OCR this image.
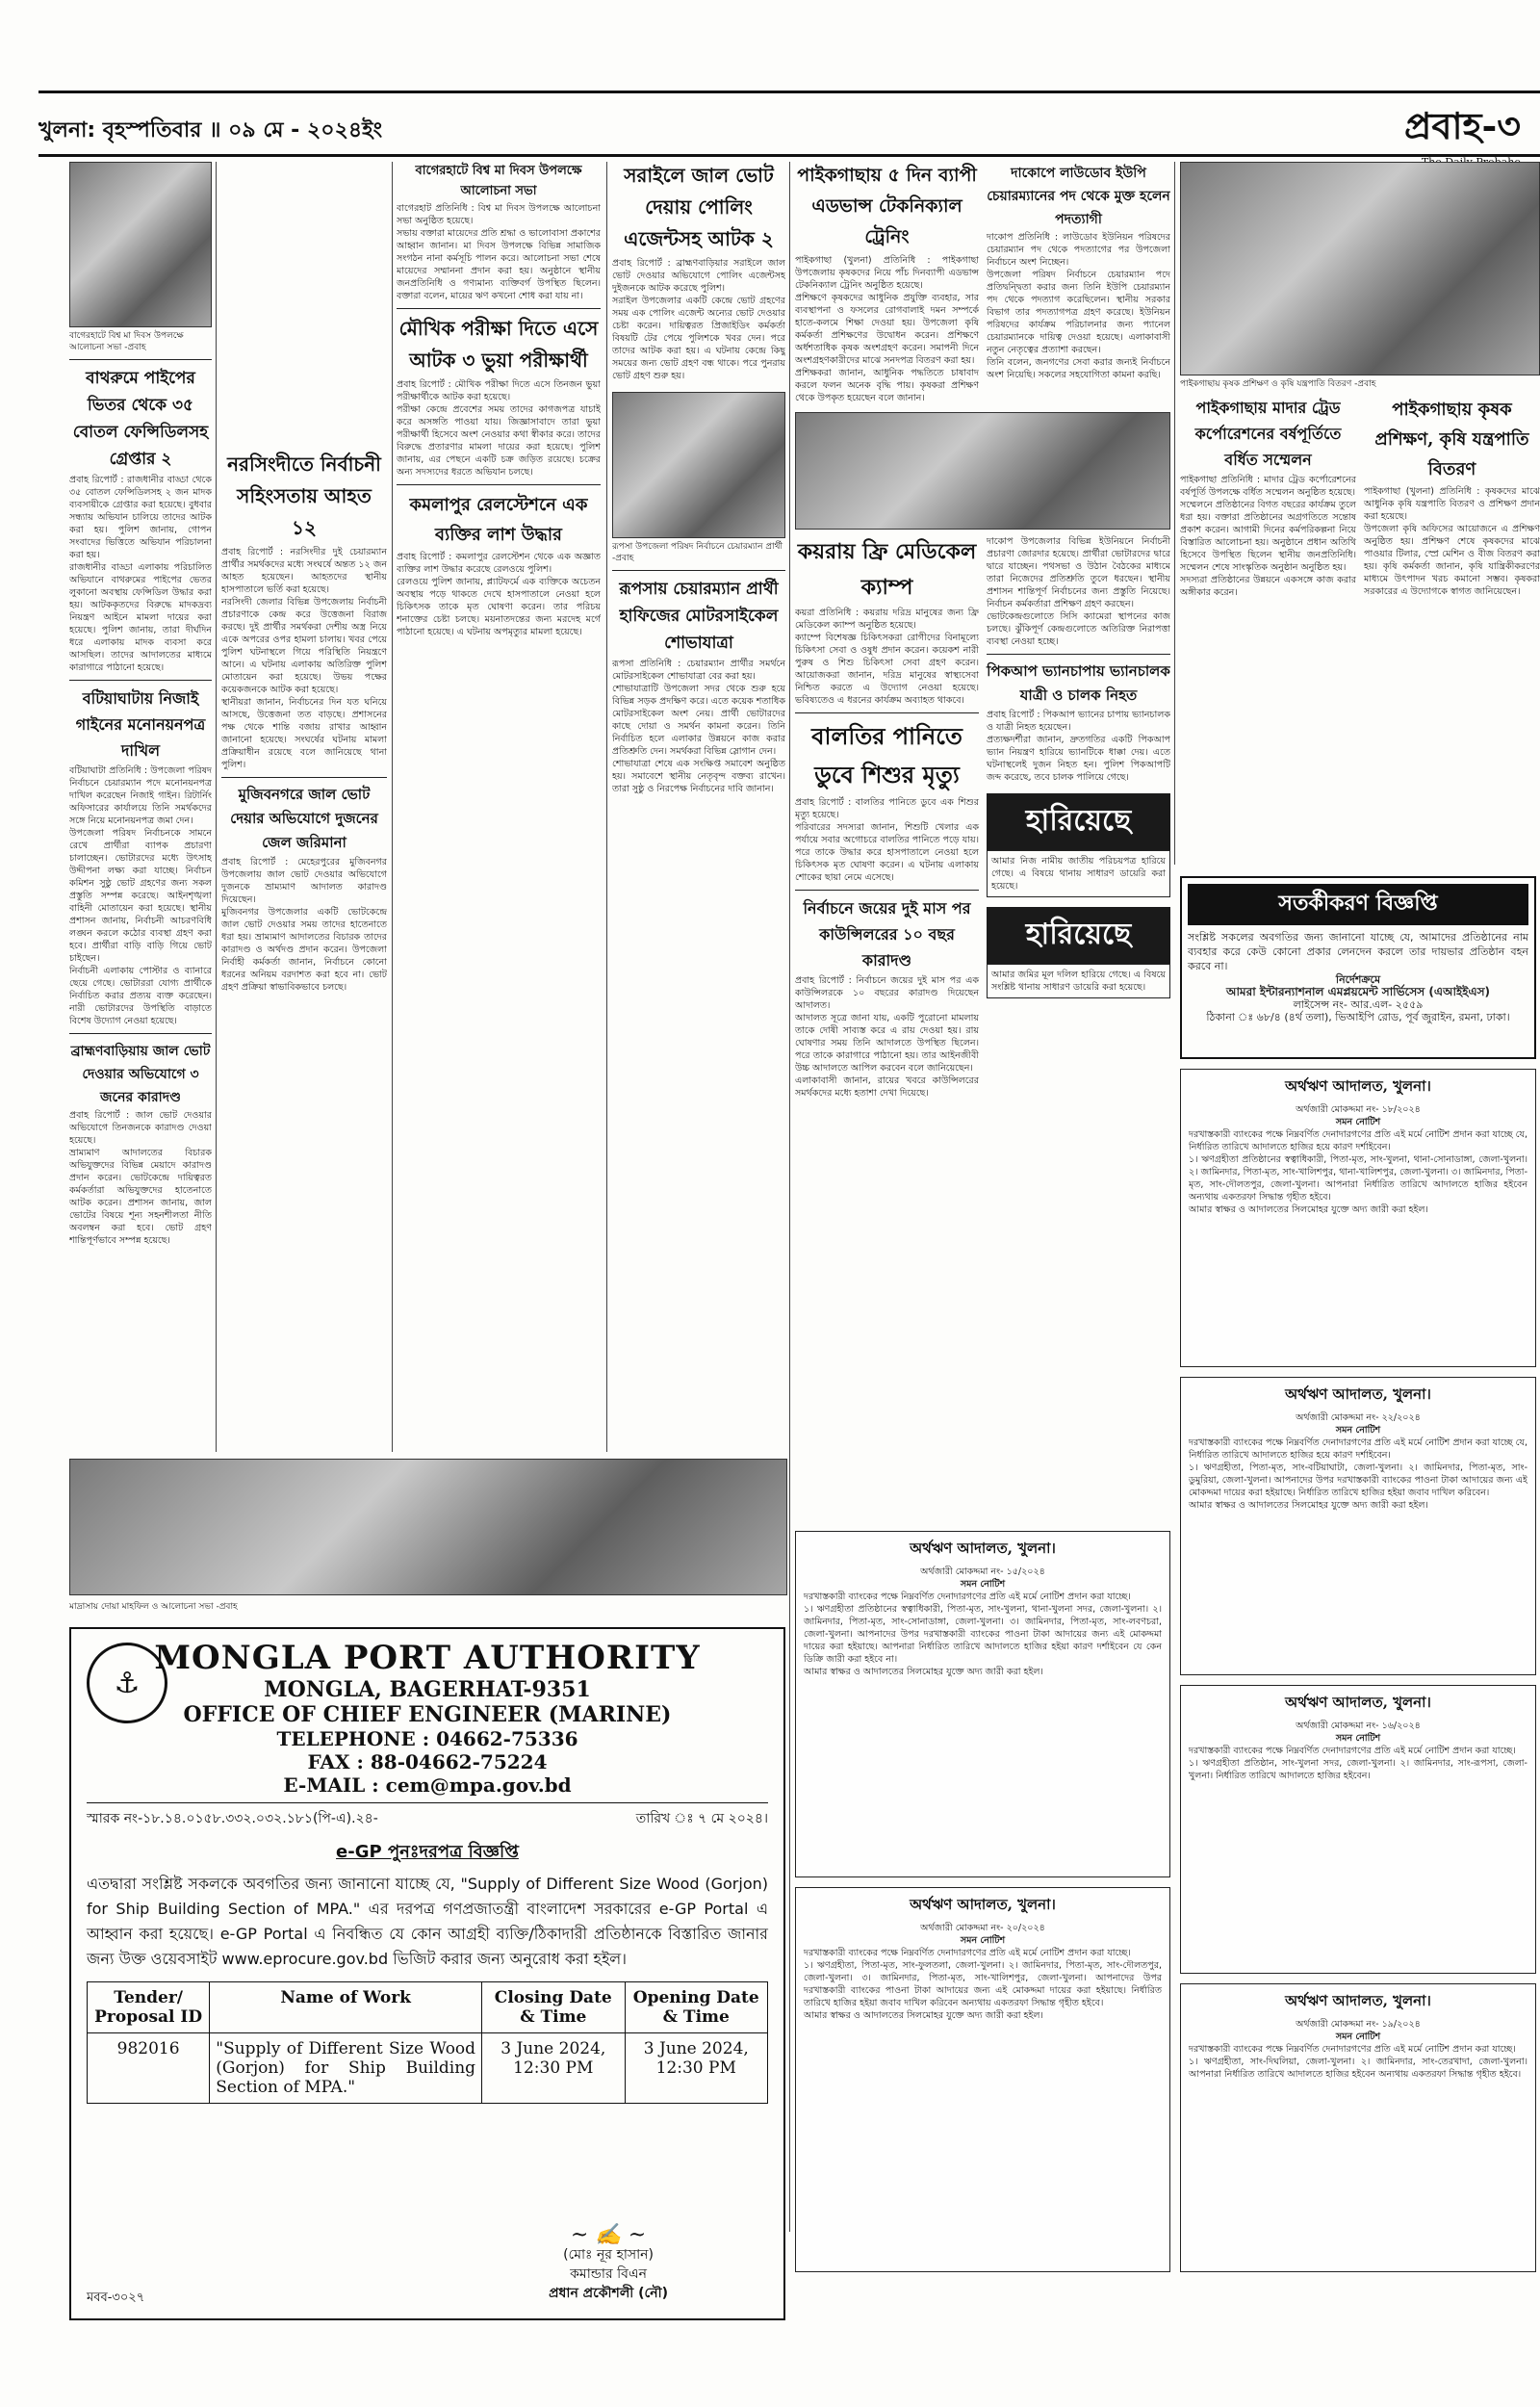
খুলনা: বৃহস্পতিবার ॥ ০৯ মে - ২০২৪ইং	প্রবাহ-৩

বাগেরহাটে বিশ্ব মা দিবস উপলক্ষে আলোচনা সভা -প্রবাহ

বাথরুমে পাইপের ভিতর থেকে ৩৫ বোতল ফেন্সিডিলসহ গ্রেপ্তার ২

প্রবাহ রিপোর্ট : রাজধানীর বাড্ডা থেকে ৩৫ বোতল ফেন্সিডিলসহ ২ জন মাদক ব্যবসায়ীকে গ্রেপ্তার করা হয়েছে। বুধবার সন্ধ্যায় অভিযান চালিয়ে তাদের আটক করা হয়। পুলিশ জানায়, গোপন সংবাদের ভিত্তিতে অভিযান পরিচালনা করা হয়।

রাজধানীর বাড্ডা এলাকায় পরিচালিত অভিযানে বাথরুমের পাইপের ভেতর লুকানো অবস্থায় ফেন্সিডিল উদ্ধার করা হয়। আটককৃতদের বিরুদ্ধে মাদকদ্রব্য নিয়ন্ত্রণ আইনে মামলা দায়ের করা হয়েছে। পুলিশ জানায়, তারা দীর্ঘদিন ধরে এলাকায় মাদক ব্যবসা করে আসছিল। তাদের আদালতের মাধ্যমে কারাগারে পাঠানো হয়েছে।

বটিয়াঘাটায় নিজাই গাইনের মনোনয়নপত্র দাখিল

বটিয়াঘাটা প্রতিনিধি : উপজেলা পরিষদ নির্বাচনে চেয়ারম্যান পদে মনোনয়নপত্র দাখিল করেছেন নিজাই গাইন। রিটার্নিং অফিসারের কার্যালয়ে তিনি সমর্থকদের সঙ্গে নিয়ে মনোনয়নপত্র জমা দেন।

উপজেলা পরিষদ নির্বাচনকে সামনে রেখে প্রার্থীরা ব্যাপক প্রচারণা চালাচ্ছেন। ভোটারদের মধ্যে উৎসাহ উদ্দীপনা লক্ষ্য করা যাচ্ছে। নির্বাচন কমিশন সুষ্ঠু ভোট গ্রহণের জন্য সকল প্রস্তুতি সম্পন্ন করেছে। আইনশৃঙ্খলা বাহিনী মোতায়েন করা হয়েছে। স্থানীয় প্রশাসন জানায়, নির্বাচনী আচরণবিধি লঙ্ঘন করলে কঠোর ব্যবস্থা গ্রহণ করা হবে। প্রার্থীরা বাড়ি বাড়ি গিয়ে ভোট চাইছেন।

নির্বাচনী এলাকায় পোস্টার ও ব্যানারে ছেয়ে গেছে। ভোটাররা যোগ্য প্রার্থীকে নির্বাচিত করার প্রত্যয় ব্যক্ত করেছেন। নারী ভোটারদের উপস্থিতি বাড়াতে বিশেষ উদ্যোগ নেওয়া হয়েছে।

ব্রাহ্মণবাড়িয়ায় জাল ভোট দেওয়ার অভিযোগে ৩ জনের কারাদণ্ড

প্রবাহ রিপোর্ট : জাল ভোট দেওয়ার অভিযোগে তিনজনকে কারাদণ্ড দেওয়া হয়েছে।

ভ্রাম্যমাণ আদালতের বিচারক অভিযুক্তদের বিভিন্ন মেয়াদে কারাদণ্ড প্রদান করেন। ভোটকেন্দ্রে দায়িত্বরত কর্মকর্তারা অভিযুক্তদের হাতেনাতে আটক করেন। প্রশাসন জানায়, জাল ভোটের বিষয়ে শূন্য সহনশীলতা নীতি অবলম্বন করা হবে। ভোট গ্রহণ শান্তিপূর্ণভাবে সম্পন্ন হয়েছে।

নরসিংদীতে নির্বাচনী সহিংসতায় আহত ১২

প্রবাহ রিপোর্ট : নরসিংদীর দুই চেয়ারম্যান প্রার্থীর সমর্থকদের মধ্যে সংঘর্ষে অন্তত ১২ জন আহত হয়েছেন। আহতদের স্থানীয় হাসপাতালে ভর্তি করা হয়েছে।

নরসিংদী জেলার বিভিন্ন উপজেলায় নির্বাচনী প্রচারণাকে কেন্দ্র করে উত্তেজনা বিরাজ করছে। দুই প্রার্থীর সমর্থকরা দেশীয় অস্ত্র নিয়ে একে অপরের ওপর হামলা চালায়। খবর পেয়ে পুলিশ ঘটনাস্থলে গিয়ে পরিস্থিতি নিয়ন্ত্রণে আনে। এ ঘটনায় এলাকায় অতিরিক্ত পুলিশ মোতায়েন করা হয়েছে। উভয় পক্ষের কয়েকজনকে আটক করা হয়েছে।

স্থানীয়রা জানান, নির্বাচনের দিন যত ঘনিয়ে আসছে, উত্তেজনা তত বাড়ছে। প্রশাসনের পক্ষ থেকে শান্তি বজায় রাখার আহ্বান জানানো হয়েছে। সংঘর্ষের ঘটনায় মামলা প্রক্রিয়াধীন রয়েছে বলে জানিয়েছে থানা পুলিশ।

মুজিবনগরে জাল ভোট দেয়ার অভিযোগে দুজনের জেল জরিমানা

প্রবাহ রিপোর্ট : মেহেরপুরের মুজিবনগর উপজেলায় জাল ভোট দেওয়ার অভিযোগে দুজনকে ভ্রাম্যমাণ আদালত কারাদণ্ড দিয়েছেন।

মুজিবনগর উপজেলার একটি ভোটকেন্দ্রে জাল ভোট দেওয়ার সময় তাদের হাতেনাতে ধরা হয়। ভ্রাম্যমাণ আদালতের বিচারক তাদের কারাদণ্ড ও অর্থদণ্ড প্রদান করেন। উপজেলা নির্বাহী কর্মকর্তা জানান, নির্বাচনে কোনো ধরনের অনিয়ম বরদাশত করা হবে না। ভোট গ্রহণ প্রক্রিয়া স্বাভাবিকভাবে চলছে।

বাগেরহাটে বিশ্ব মা দিবস উপলক্ষে আলোচনা সভা

বাগেরহাট প্রতিনিধি : বিশ্ব মা দিবস উপলক্ষে আলোচনা সভা অনুষ্ঠিত হয়েছে।

সভায় বক্তারা মায়েদের প্রতি শ্রদ্ধা ও ভালোবাসা প্রকাশের আহ্বান জানান। মা দিবস উপলক্ষে বিভিন্ন সামাজিক সংগঠন নানা কর্মসূচি পালন করে। আলোচনা সভা শেষে মায়েদের সম্মাননা প্রদান করা হয়। অনুষ্ঠানে স্থানীয় জনপ্রতিনিধি ও গণ্যমান্য ব্যক্তিবর্গ উপস্থিত ছিলেন। বক্তারা বলেন, মায়ের ঋণ কখনো শোধ করা যায় না।

মৌখিক পরীক্ষা দিতে এসে আটক ৩ ভুয়া পরীক্ষার্থী

প্রবাহ রিপোর্ট : মৌখিক পরীক্ষা দিতে এসে তিনজন ভুয়া পরীক্ষার্থীকে আটক করা হয়েছে।

পরীক্ষা কেন্দ্রে প্রবেশের সময় তাদের কাগজপত্র যাচাই করে অসঙ্গতি পাওয়া যায়। জিজ্ঞাসাবাদে তারা ভুয়া পরীক্ষার্থী হিসেবে অংশ নেওয়ার কথা স্বীকার করে। তাদের বিরুদ্ধে প্রতারণার মামলা দায়ের করা হয়েছে। পুলিশ জানায়, এর পেছনে একটি চক্র জড়িত রয়েছে। চক্রের অন্য সদস্যদের ধরতে অভিযান চলছে।

কমলাপুর রেলস্টেশনে এক ব্যক্তির লাশ উদ্ধার

প্রবাহ রিপোর্ট : কমলাপুর রেলস্টেশন থেকে এক অজ্ঞাত ব্যক্তির লাশ উদ্ধার করেছে রেলওয়ে পুলিশ।

রেলওয়ে পুলিশ জানায়, প্ল্যাটফর্মে এক ব্যক্তিকে অচেতন অবস্থায় পড়ে থাকতে দেখে হাসপাতালে নেওয়া হলে চিকিৎসক তাকে মৃত ঘোষণা করেন। তার পরিচয় শনাক্তের চেষ্টা চলছে। ময়নাতদন্তের জন্য মরদেহ মর্গে পাঠানো হয়েছে। এ ঘটনায় অপমৃত্যুর মামলা হয়েছে।

সরাইলে জাল ভোট দেয়ায় পোলিং এজেন্টসহ আটক ২

প্রবাহ রিপোর্ট : ব্রাহ্মণবাড়িয়ার সরাইলে জাল ভোট দেওয়ার অভিযোগে পোলিং এজেন্টসহ দুইজনকে আটক করেছে পুলিশ।

সরাইল উপজেলার একটি কেন্দ্রে ভোট গ্রহণের সময় এক পোলিং এজেন্ট অন্যের ভোট দেওয়ার চেষ্টা করেন। দায়িত্বরত প্রিজাইডিং কর্মকর্তা বিষয়টি টের পেয়ে পুলিশকে খবর দেন। পরে তাদের আটক করা হয়। এ ঘটনায় কেন্দ্রে কিছু সময়ের জন্য ভোট গ্রহণ বন্ধ থাকে। পরে পুনরায় ভোট গ্রহণ শুরু হয়।

রূপসা উপজেলা পরিষদ নির্বাচনে চেয়ারম্যান প্রার্থী -প্রবাহ

রূপসায় চেয়ারম্যান প্রার্থী হাফিজের মোটরসাইকেল শোভাযাত্রা

রূপসা প্রতিনিধি : চেয়ারম্যান প্রার্থীর সমর্থনে মোটরসাইকেল শোভাযাত্রা বের করা হয়।

শোভাযাত্রাটি উপজেলা সদর থেকে শুরু হয়ে বিভিন্ন সড়ক প্রদক্ষিণ করে। এতে কয়েক শতাধিক মোটরসাইকেল অংশ নেয়। প্রার্থী ভোটারদের কাছে দোয়া ও সমর্থন কামনা করেন। তিনি নির্বাচিত হলে এলাকার উন্নয়নে কাজ করার প্রতিশ্রুতি দেন। সমর্থকরা বিভিন্ন স্লোগান দেন।

শোভাযাত্রা শেষে এক সংক্ষিপ্ত সমাবেশ অনুষ্ঠিত হয়। সমাবেশে স্থানীয় নেতৃবৃন্দ বক্তব্য রাখেন। তারা সুষ্ঠু ও নিরপেক্ষ নির্বাচনের দাবি জানান।

পাইকগাছায় ৫ দিন ব্যাপী এডভান্স টেকনিক্যাল ট্রেনিং

পাইকগাছা (খুলনা) প্রতিনিধি : পাইকগাছা উপজেলায় কৃষকদের নিয়ে পাঁচ দিনব্যাপী এডভান্স টেকনিক্যাল ট্রেনিং অনুষ্ঠিত হয়েছে।

প্রশিক্ষণে কৃষকদের আধুনিক প্রযুক্তি ব্যবহার, সার ব্যবস্থাপনা ও ফসলের রোগবালাই দমন সম্পর্কে হাতে-কলমে শিক্ষা দেওয়া হয়। উপজেলা কৃষি কর্মকর্তা প্রশিক্ষণের উদ্বোধন করেন। প্রশিক্ষণে অর্ধশতাধিক কৃষক অংশগ্রহণ করেন। সমাপনী দিনে অংশগ্রহণকারীদের মাঝে সনদপত্র বিতরণ করা হয়।

প্রশিক্ষকরা জানান, আধুনিক পদ্ধতিতে চাষাবাদ করলে ফলন অনেক বৃদ্ধি পায়। কৃষকরা প্রশিক্ষণ থেকে উপকৃত হয়েছেন বলে জানান।

দাকোপে লাউডোব ইউপি চেয়ারম্যানের পদ থেকে মুক্ত হলেন পদত্যাগী

দাকোপ প্রতিনিধি : লাউডোব ইউনিয়ন পরিষদের চেয়ারম্যান পদ থেকে পদত্যাগের পর উপজেলা নির্বাচনে অংশ নিচ্ছেন।

উপজেলা পরিষদ নির্বাচনে চেয়ারম্যান পদে প্রতিদ্বন্দ্বিতা করার জন্য তিনি ইউপি চেয়ারম্যান পদ থেকে পদত্যাগ করেছিলেন। স্থানীয় সরকার বিভাগ তার পদত্যাগপত্র গ্রহণ করেছে। ইউনিয়ন পরিষদের কার্যক্রম পরিচালনার জন্য প্যানেল চেয়ারম্যানকে দায়িত্ব দেওয়া হয়েছে। এলাকাবাসী নতুন নেতৃত্বের প্রত্যাশা করছেন।

তিনি বলেন, জনগণের সেবা করার জন্যই নির্বাচনে অংশ নিয়েছি। সকলের সহযোগিতা কামনা করছি।

কয়রায় ফ্রি মেডিকেল ক্যাম্প

কয়রা প্রতিনিধি : কয়রায় দরিদ্র মানুষের জন্য ফ্রি মেডিকেল ক্যাম্প অনুষ্ঠিত হয়েছে।

ক্যাম্পে বিশেষজ্ঞ চিকিৎসকরা রোগীদের বিনামূল্যে চিকিৎসা সেবা ও ওষুধ প্রদান করেন। কয়েকশ নারী পুরুষ ও শিশু চিকিৎসা সেবা গ্রহণ করেন। আয়োজকরা জানান, দরিদ্র মানুষের স্বাস্থ্যসেবা নিশ্চিত করতে এ উদ্যোগ নেওয়া হয়েছে। ভবিষ্যতেও এ ধরনের কার্যক্রম অব্যাহত থাকবে।

বালতির পানিতে ডুবে শিশুর মৃত্যু

প্রবাহ রিপোর্ট : বালতির পানিতে ডুবে এক শিশুর মৃত্যু হয়েছে।

পরিবারের সদস্যরা জানান, শিশুটি খেলার এক পর্যায়ে সবার অগোচরে বালতির পানিতে পড়ে যায়। পরে তাকে উদ্ধার করে হাসপাতালে নেওয়া হলে চিকিৎসক মৃত ঘোষণা করেন। এ ঘটনায় এলাকায় শোকের ছায়া নেমে এসেছে।

নির্বাচনে জয়ের দুই মাস পর কাউন্সিলরের ১০ বছর কারাদণ্ড

প্রবাহ রিপোর্ট : নির্বাচনে জয়ের দুই মাস পর এক কাউন্সিলরকে ১০ বছরের কারাদণ্ড দিয়েছেন আদালত।

আদালত সূত্রে জানা যায়, একটি পুরোনো মামলায় তাকে দোষী সাব্যস্ত করে এ রায় দেওয়া হয়। রায় ঘোষণার সময় তিনি আদালতে উপস্থিত ছিলেন। পরে তাকে কারাগারে পাঠানো হয়। তার আইনজীবী উচ্চ আদালতে আপিল করবেন বলে জানিয়েছেন।

এলাকাবাসী জানান, রায়ের খবরে কাউন্সিলরের সমর্থকদের মধ্যে হতাশা দেখা দিয়েছে।

দাকোপ উপজেলার বিভিন্ন ইউনিয়নে নির্বাচনী প্রচারণা জোরদার হয়েছে। প্রার্থীরা ভোটারদের দ্বারে দ্বারে যাচ্ছেন। পথসভা ও উঠান বৈঠকের মাধ্যমে তারা নিজেদের প্রতিশ্রুতি তুলে ধরছেন। স্থানীয় প্রশাসন শান্তিপূর্ণ নির্বাচনের জন্য প্রস্তুতি নিয়েছে। নির্বাচন কর্মকর্তারা প্রশিক্ষণ গ্রহণ করছেন।

ভোটকেন্দ্রগুলোতে সিসি ক্যামেরা স্থাপনের কাজ চলছে। ঝুঁকিপূর্ণ কেন্দ্রগুলোতে অতিরিক্ত নিরাপত্তা ব্যবস্থা নেওয়া হচ্ছে।

পিকআপ ভ্যানচাপায় ভ্যানচালক যাত্রী ও চালক নিহত

প্রবাহ রিপোর্ট : পিকআপ ভ্যানের চাপায় ভ্যানচালক ও যাত্রী নিহত হয়েছেন।

প্রত্যক্ষদর্শীরা জানান, দ্রুতগতির একটি পিকআপ ভ্যান নিয়ন্ত্রণ হারিয়ে ভ্যানটিকে ধাক্কা দেয়। এতে ঘটনাস্থলেই দুজন নিহত হন। পুলিশ পিকআপটি জব্দ করেছে, তবে চালক পালিয়ে গেছে।

হারিয়েছে

আমার নিজ নামীয় জাতীয় পরিচয়পত্র হারিয়ে গেছে। এ বিষয়ে থানায় সাধারণ ডায়েরি করা হয়েছে।

হারিয়েছে

আমার জমির মূল দলিল হারিয়ে গেছে। এ বিষয়ে সংশ্লিষ্ট থানায় সাধারণ ডায়েরি করা হয়েছে।

পাইকগাছায় কৃষক প্রশিক্ষণ ও কৃষি যন্ত্রপাতি বিতরণ -প্রবাহ

পাইকগাছায় মাদার ট্রেড কর্পোরেশনের বর্ষপূর্তিতে বর্ধিত সম্মেলন

পাইকগাছা প্রতিনিধি : মাদার ট্রেড কর্পোরেশনের বর্ষপূর্তি উপলক্ষে বর্ধিত সম্মেলন অনুষ্ঠিত হয়েছে।

সম্মেলনে প্রতিষ্ঠানের বিগত বছরের কার্যক্রম তুলে ধরা হয়। বক্তারা প্রতিষ্ঠানের অগ্রগতিতে সন্তোষ প্রকাশ করেন। আগামী দিনের কর্মপরিকল্পনা নিয়ে বিস্তারিত আলোচনা হয়। অনুষ্ঠানে প্রধান অতিথি হিসেবে উপস্থিত ছিলেন স্থানীয় জনপ্রতিনিধি। সম্মেলন শেষে সাংস্কৃতিক অনুষ্ঠান অনুষ্ঠিত হয়।

সদস্যরা প্রতিষ্ঠানের উন্নয়নে একসঙ্গে কাজ করার অঙ্গীকার করেন।

পাইকগাছায় কৃষক প্রশিক্ষণ, কৃষি যন্ত্রপাতি বিতরণ

পাইকগাছা (খুলনা) প্রতিনিধি : কৃষকদের মাঝে আধুনিক কৃষি যন্ত্রপাতি বিতরণ ও প্রশিক্ষণ প্রদান করা হয়েছে।

উপজেলা কৃষি অফিসের আয়োজনে এ প্রশিক্ষণ অনুষ্ঠিত হয়। প্রশিক্ষণ শেষে কৃষকদের মাঝে পাওয়ার টিলার, স্প্রে মেশিন ও বীজ বিতরণ করা হয়। কৃষি কর্মকর্তা জানান, কৃষি যান্ত্রিকীকরণের মাধ্যমে উৎপাদন খরচ কমানো সম্ভব। কৃষকরা সরকারের এ উদ্যোগকে স্বাগত জানিয়েছেন।

সতর্কীকরণ বিজ্ঞপ্তি

সংশ্লিষ্ট সকলের অবগতির জন্য জানানো যাচ্ছে যে, আমাদের প্রতিষ্ঠানের নাম ব্যবহার করে কেউ কোনো প্রকার লেনদেন করলে তার দায়ভার প্রতিষ্ঠান বহন করবে না।

নির্দেশক্রমে

আমরা ইন্টারন্যাশনাল এমপ্লয়মেন্ট সার্ভিসেস (এআইইএস)

লাইসেন্স নং- আর.এল- ২৫৫৯

ঠিকানা ঃ ৬৮/৪ (৪র্থ তলা), ভিআইপি রোড, পূর্ব জুরাইন, রমনা, ঢাকা।

অর্থঋণ আদালত, খুলনা।

অর্থজারী মোকদ্দমা নং- ১৮/২০২৪

সমন নোটিশ

দরখাস্তকারী ব্যাংকের পক্ষে নিম্নবর্ণিত দেনাদারগণের প্রতি এই মর্মে নোটিশ প্রদান করা যাচ্ছে যে, নির্ধারিত তারিখে আদালতে হাজির হয়ে কারণ দর্শাইবেন।

১। ঋণগ্রহীতা প্রতিষ্ঠানের স্বত্বাধিকারী, পিতা-মৃত, সাং-খুলনা, থানা-সোনাডাঙ্গা, জেলা-খুলনা। ২। জামিনদার, পিতা-মৃত, সাং-খালিশপুর, থানা-খালিশপুর, জেলা-খুলনা। ৩। জামিনদার, পিতা-মৃত, সাং-দৌলতপুর, জেলা-খুলনা। আপনারা নির্ধারিত তারিখে আদালতে হাজির হইবেন অন্যথায় একতরফা সিদ্ধান্ত গৃহীত হইবে।

আমার স্বাক্ষর ও আদালতের সিলমোহর যুক্তে অদ্য জারী করা হইল।

অর্থঋণ আদালত, খুলনা।

অর্থজারী মোকদ্দমা নং- ২২/২০২৪

সমন নোটিশ

দরখাস্তকারী ব্যাংকের পক্ষে নিম্নবর্ণিত দেনাদারগণের প্রতি এই মর্মে নোটিশ প্রদান করা যাচ্ছে যে, নির্ধারিত তারিখে আদালতে হাজির হয়ে কারণ দর্শাইবেন।

১। ঋণগ্রহীতা, পিতা-মৃত, সাং-বটিয়াঘাটা, জেলা-খুলনা। ২। জামিনদার, পিতা-মৃত, সাং-ডুমুরিয়া, জেলা-খুলনা। আপনাদের উপর দরখাস্তকারী ব্যাংকের পাওনা টাকা আদায়ের জন্য এই মোকদ্দমা দায়ের করা হইয়াছে। নির্ধারিত তারিখে হাজির হইয়া জবাব দাখিল করিবেন।

আমার স্বাক্ষর ও আদালতের সিলমোহর যুক্তে অদ্য জারী করা হইল।

অর্থঋণ আদালত, খুলনা।

অর্থজারী মোকদ্দমা নং- ১৬/২০২৪

সমন নোটিশ

দরখাস্তকারী ব্যাংকের পক্ষে নিম্নবর্ণিত দেনাদারগণের প্রতি এই মর্মে নোটিশ প্রদান করা যাচ্ছে।

১। ঋণগ্রহীতা প্রতিষ্ঠান, সাং-খুলনা সদর, জেলা-খুলনা। ২। জামিনদার, সাং-রূপসা, জেলা-খুলনা। নির্ধারিত তারিখে আদালতে হাজির হইবেন।

অর্থঋণ আদালত, খুলনা।

অর্থজারী মোকদ্দমা নং- ১৯/২০২৪

সমন নোটিশ

দরখাস্তকারী ব্যাংকের পক্ষে নিম্নবর্ণিত দেনাদারগণের প্রতি এই মর্মে নোটিশ প্রদান করা যাচ্ছে।

১। ঋণগ্রহীতা, সাং-দিঘলিয়া, জেলা-খুলনা। ২। জামিনদার, সাং-তেরখাদা, জেলা-খুলনা। আপনারা নির্ধারিত তারিখে আদালতে হাজির হইবেন অন্যথায় একতরফা সিদ্ধান্ত গৃহীত হইবে।

অর্থঋণ আদালত, খুলনা।

অর্থজারী মোকদ্দমা নং- ১৫/২০২৪

সমন নোটিশ

দরখাস্তকারী ব্যাংকের পক্ষে নিম্নবর্ণিত দেনাদারগণের প্রতি এই মর্মে নোটিশ প্রদান করা যাচ্ছে।

১। ঋণগ্রহীতা প্রতিষ্ঠানের স্বত্বাধিকারী, পিতা-মৃত, সাং-খুলনা, থানা-খুলনা সদর, জেলা-খুলনা। ২। জামিনদার, পিতা-মৃত, সাং-সোনাডাঙ্গা, জেলা-খুলনা। ৩। জামিনদার, পিতা-মৃত, সাং-লবণচরা, জেলা-খুলনা। আপনাদের উপর দরখাস্তকারী ব্যাংকের পাওনা টাকা আদায়ের জন্য এই মোকদ্দমা দায়ের করা হইয়াছে। আপনারা নির্ধারিত তারিখে আদালতে হাজির হইয়া কারণ দর্শাইবেন যে কেন ডিক্রি জারী করা হইবে না।

আমার স্বাক্ষর ও আদালতের সিলমোহর যুক্তে অদ্য জারী করা হইল।

অর্থঋণ আদালত, খুলনা।

অর্থজারী মোকদ্দমা নং- ২০/২০২৪

সমন নোটিশ

দরখাস্তকারী ব্যাংকের পক্ষে নিম্নবর্ণিত দেনাদারগণের প্রতি এই মর্মে নোটিশ প্রদান করা যাচ্ছে।

১। ঋণগ্রহীতা, পিতা-মৃত, সাং-ফুলতলা, জেলা-খুলনা। ২। জামিনদার, পিতা-মৃত, সাং-দৌলতপুর, জেলা-খুলনা। ৩। জামিনদার, পিতা-মৃত, সাং-খালিশপুর, জেলা-খুলনা। আপনাদের উপর দরখাস্তকারী ব্যাংকের পাওনা টাকা আদায়ের জন্য এই মোকদ্দমা দায়ের করা হইয়াছে। নির্ধারিত তারিখে হাজির হইয়া জবাব দাখিল করিবেন অন্যথায় একতরফা সিদ্ধান্ত গৃহীত হইবে।

আমার স্বাক্ষর ও আদালতের সিলমোহর যুক্তে অদ্য জারী করা হইল।

মাদ্রাসায় দোয়া মাহফিল ও আলোচনা সভা -প্রবাহ

⚓
MONGLA PORT AUTHORITY
MONGLA, BAGERHAT-9351
OFFICE OF CHIEF ENGINEER (MARINE)
TELEPHONE : 04662-75336
FAX : 88-04662-75224
E-MAIL : cem@mpa.gov.bd
স্মারক নং-১৮.১৪.০১৫৮.৩৩২.০৩২.১৮১(পি-এ).২৪-	তারিখ ঃ ৭ মে ২০২৪।
e-GP পুনঃদরপত্র বিজ্ঞপ্তি

এতদ্বারা সংশ্লিষ্ট সকলকে অবগতির জন্য জানানো যাচ্ছে যে, "Supply of Different Size Wood (Gorjon) for Ship Building Section of MPA." এর দরপত্র গণপ্রজাতন্ত্রী বাংলাদেশ সরকারের e-GP Portal এ আহ্বান করা হয়েছে। e-GP Portal এ নিবন্ধিত যে কোন আগ্রহী ব্যক্তি/ঠিকাদারী প্রতিষ্ঠানকে বিস্তারিত জানার জন্য উক্ত ওয়েবসাইট www.eprocure.gov.bd ভিজিট করার জন্য অনুরোধ করা হইল।

Tender/ Proposal ID	Name of Work	Closing Date & Time	Opening Date & Time
982016	"Supply of Different Size Wood (Gorjon) for Ship Building Section of MPA."	3 June 2024, 12:30 PM	3 June 2024, 12:30 PM
~ ✍ ~
(মোঃ নূর হাসান)
কমান্ডার বিএন
প্রধান প্রকৌশলী (নৌ)
মবব-৩০২৭
